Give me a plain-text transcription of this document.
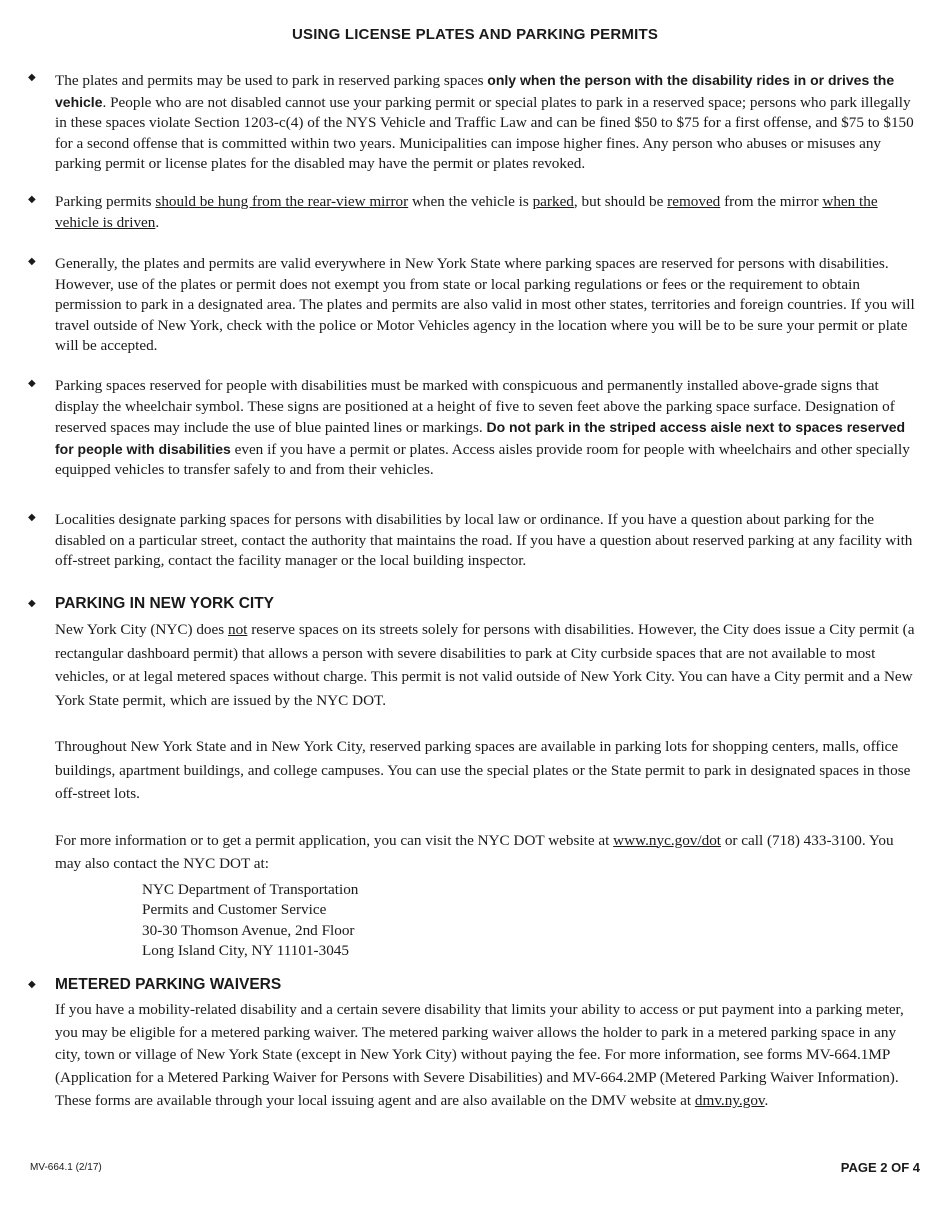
USING LICENSE PLATES AND PARKING PERMITS
◆ The plates and permits may be used to park in reserved parking spaces only when the person with the disability rides in or drives the vehicle. People who are not disabled cannot use your parking permit or special plates to park in a reserved space; persons who park illegally in these spaces violate Section 1203-c(4) of the NYS Vehicle and Traffic Law and can be fined $50 to $75 for a first offense, and $75 to $150 for a second offense that is committed within two years. Municipalities can impose higher fines. Any person who abuses or misuses any parking permit or license plates for the disabled may have the permit or plates revoked.
◆ Parking permits should be hung from the rear-view mirror when the vehicle is parked, but should be removed from the mirror when the vehicle is driven.
◆ Generally, the plates and permits are valid everywhere in New York State where parking spaces are reserved for persons with disabilities. However, use of the plates or permit does not exempt you from state or local parking regulations or fees or the requirement to obtain permission to park in a designated area. The plates and permits are also valid in most other states, territories and foreign countries. If you will travel outside of New York, check with the police or Motor Vehicles agency in the location where you will be to be sure your permit or plate will be accepted.
◆ Parking spaces reserved for people with disabilities must be marked with conspicuous and permanently installed above-grade signs that display the wheelchair symbol. These signs are positioned at a height of five to seven feet above the parking space surface. Designation of reserved spaces may include the use of blue painted lines or markings. Do not park in the striped access aisle next to spaces reserved for people with disabilities even if you have a permit or plates. Access aisles provide room for people with wheelchairs and other specially equipped vehicles to transfer safely to and from their vehicles.
◆ Localities designate parking spaces for persons with disabilities by local law or ordinance. If you have a question about parking for the disabled on a particular street, contact the authority that maintains the road. If you have a question about reserved parking at any facility with off-street parking, contact the facility manager or the local building inspector.
◆ PARKING IN NEW YORK CITY
New York City (NYC) does not reserve spaces on its streets solely for persons with disabilities. However, the City does issue a City permit (a rectangular dashboard permit) that allows a person with severe disabilities to park at City curbside spaces that are not available to most vehicles, or at legal metered spaces without charge. This permit is not valid outside of New York City. You can have a City permit and a New York State permit, which are issued by the NYC DOT.
Throughout New York State and in New York City, reserved parking spaces are available in parking lots for shopping centers, malls, office buildings, apartment buildings, and college campuses. You can use the special plates or the State permit to park in designated spaces in those off-street lots.
For more information or to get a permit application, you can visit the NYC DOT website at www.nyc.gov/dot or call (718) 433-3100. You may also contact the NYC DOT at:
NYC Department of Transportation
Permits and Customer Service
30-30 Thomson Avenue, 2nd Floor
Long Island City, NY 11101-3045
◆ METERED PARKING WAIVERS
If you have a mobility-related disability and a certain severe disability that limits your ability to access or put payment into a parking meter, you may be eligible for a metered parking waiver. The metered parking waiver allows the holder to park in a metered parking space in any city, town or village of New York State (except in New York City) without paying the fee. For more information, see forms MV-664.1MP (Application for a Metered Parking Waiver for Persons with Severe Disabilities) and MV-664.2MP (Metered Parking Waiver Information). These forms are available through your local issuing agent and are also available on the DMV website at dmv.ny.gov.
MV-664.1 (2/17)	PAGE 2 OF 4
